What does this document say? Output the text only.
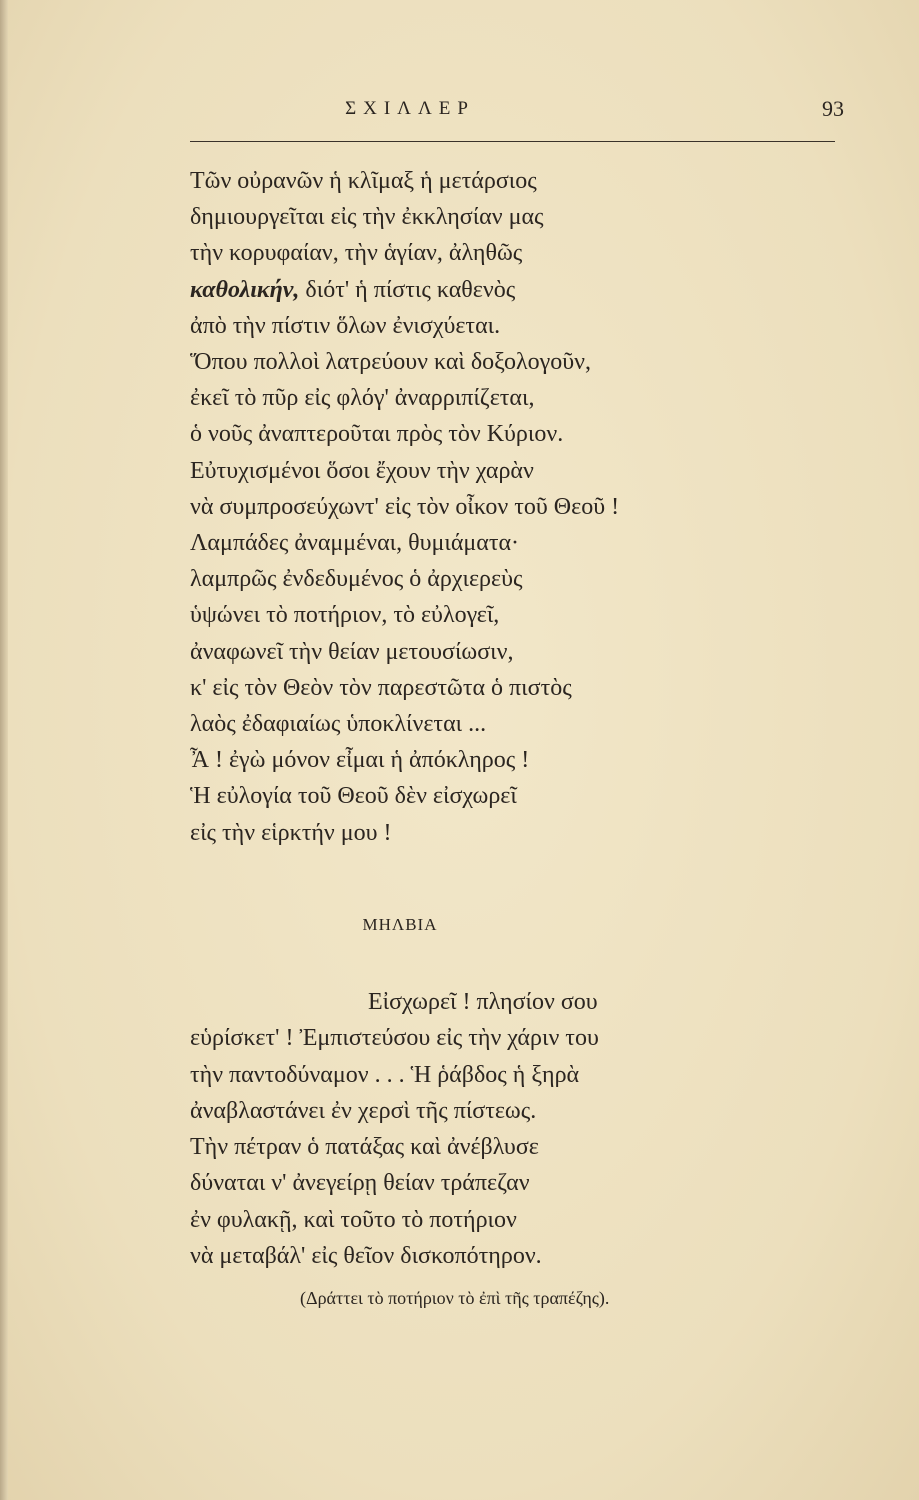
ΣΧΙΛΛΕΡ	93
Τῶν οὐρανῶν ἡ κλῖμαξ ἡ μετάρσιος
δημιουργεῖται εἰς τὴν ἐκκλησίαν μας
τὴν κορυφαίαν, τὴν ἁγίαν, ἀληθῶς
καθολικήν, διότ' ἡ πίστις καθενὸς
ἀπὸ τὴν πίστιν ὅλων ἐνισχύεται.
Ὅπου πολλοὶ λατρεύουν καὶ δοξολογοῦν,
ἐκεῖ τὸ πῦρ εἰς φλόγ' ἀναρριπίζεται,
ὁ νοῦς ἀναπτεροῦται πρὸς τὸν Κύριον.
Εὐτυχισμένοι ὅσοι ἔχουν τὴν χαρὰν
νὰ συμπροσεύχωντ' εἰς τὸν οἶκον τοῦ Θεοῦ !
Λαμπάδες ἀναμμέναι, θυμιάματα·
λαμπρῶς ἐνδεδυμένος ὁ ἀρχιερεὺς
ὑψώνει τὸ ποτήριον, τὸ εὐλογεῖ,
ἀναφωνεῖ τὴν θείαν μετουσίωσιν,
κ' εἰς τὸν Θεὸν τὸν παρεστῶτα ὁ πιστὸς
λαὸς ἐδαφιαίως ὑποκλίνεται ...
Ἆ ! ἐγὼ μόνον εἶμαι ἡ ἀπόκληρος !
Ἡ εὐλογία τοῦ Θεοῦ δὲν εἰσχωρεῖ
εἰς τὴν εἱρκτήν μου !
ΜΗΛΒΙΑ
Εἰσχωρεῖ ! πλησίον σου
εὑρίσκετ' ! Ἐμπιστεύσου εἰς τὴν χάριν του
τὴν παντοδύναμον . . . Ἡ ῥάβδος ἡ ξηρὰ
ἀναβλαστάνει ἐν χερσὶ τῆς πίστεως.
Τὴν πέτραν ὁ πατάξας καὶ ἀνέβλυσε
δύναται ν' ἀνεγείρῃ θείαν τράπεζαν
ἐν φυλακῇ, καὶ τοῦτο τὸ ποτήριον
νὰ μεταβάλ' εἰς θεῖον δισκοπότηρον.
(Δράττει τὸ ποτήριον τὸ ἐπὶ τῆς τραπέζης).
